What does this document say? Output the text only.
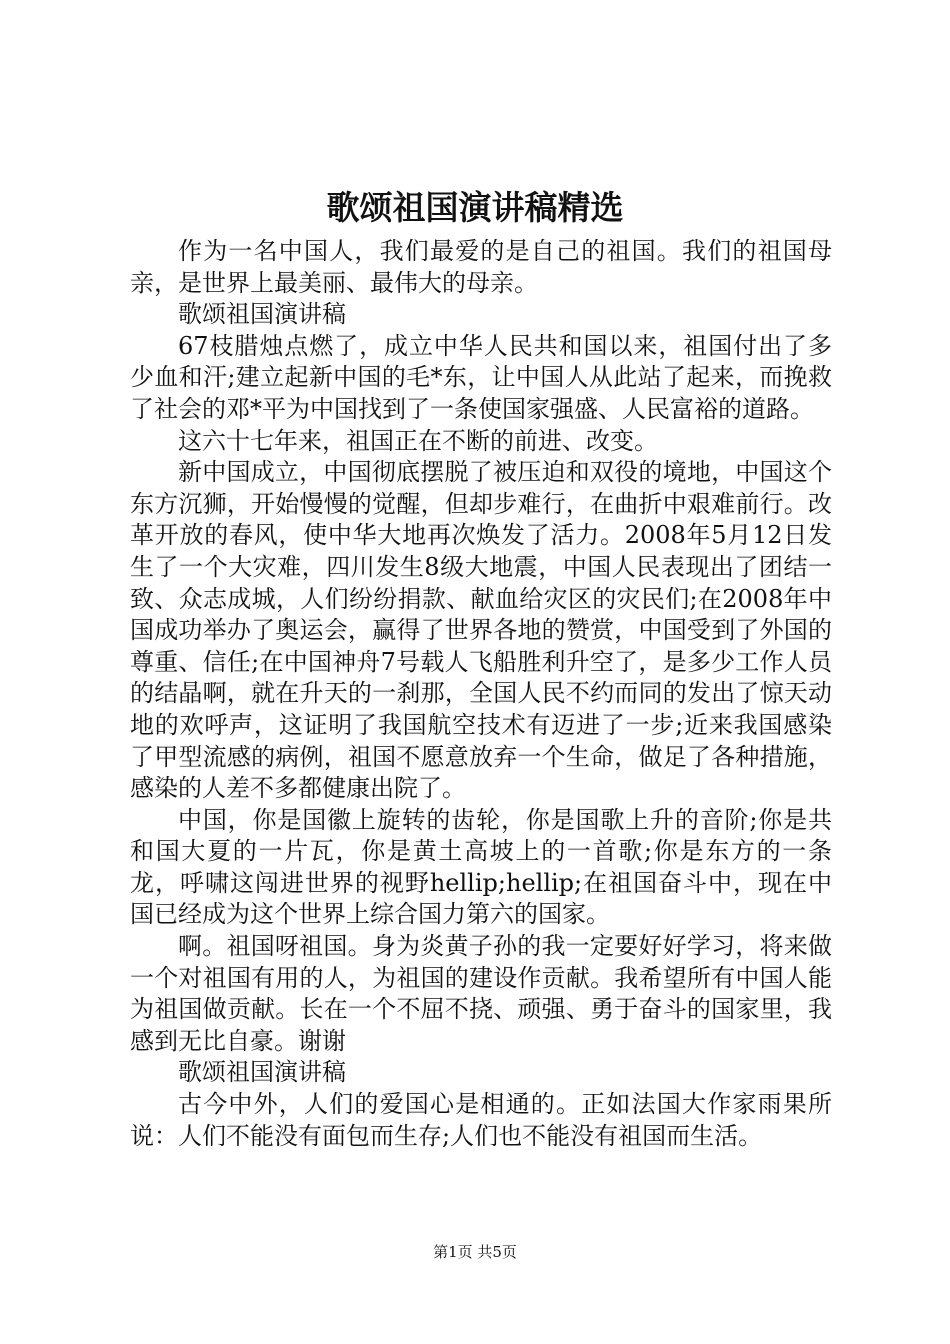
歌颂祖国演讲稿精选

作为一名中国人，我们最爱的是自己的祖国。我们的祖国母亲，是世界上最美丽、最伟大的母亲。

歌颂祖国演讲稿

67枝腊烛点燃了，成立中华人民共和国以来，祖国付出了多少血和汗;建立起新中国的毛*东，让中国人从此站了起来，而挽救了社会的邓*平为中国找到了一条使国家强盛、人民富裕的道路。

这六十七年来，祖国正在不断的前进、改变。

新中国成立，中国彻底摆脱了被压迫和双役的境地，中国这个东方沉狮，开始慢慢的觉醒，但却步难行，在曲折中艰难前行。改革开放的春风，使中华大地再次焕发了活力。2008年5月12日发生了一个大灾难，四川发生8级大地震，中国人民表现出了团结一致、众志成城，人们纷纷捐款、献血给灾区的灾民们;在2008年中国成功举办了奥运会，赢得了世界各地的赞赏，中国受到了外国的尊重、信任;在中国神舟7号载人飞船胜利升空了，是多少工作人员的结晶啊，就在升天的一刹那，全国人民不约而同的发出了惊天动地的欢呼声，这证明了我国航空技术有迈进了一步;近来我国感染了甲型流感的病例，祖国不愿意放弃一个生命，做足了各种措施，感染的人差不多都健康出院了。

中国，你是国徽上旋转的齿轮，你是国歌上升的音阶;你是共和国大夏的一片瓦，你是黄土高坡上的一首歌;你是东方的一条龙，呼啸这闯进世界的视野hellip;hellip;在祖国奋斗中，现在中国已经成为这个世界上综合国力第六的国家。

啊。祖国呀祖国。身为炎黄子孙的我一定要好好学习，将来做一个对祖国有用的人，为祖国的建设作贡献。我希望所有中国人能为祖国做贡献。长在一个不屈不挠、顽强、勇于奋斗的国家里，我感到无比自豪。谢谢

歌颂祖国演讲稿

古今中外，人们的爱国心是相通的。正如法国大作家雨果所说：人们不能没有面包而生存;人们也不能没有祖国而生活。

第1页 共5页
